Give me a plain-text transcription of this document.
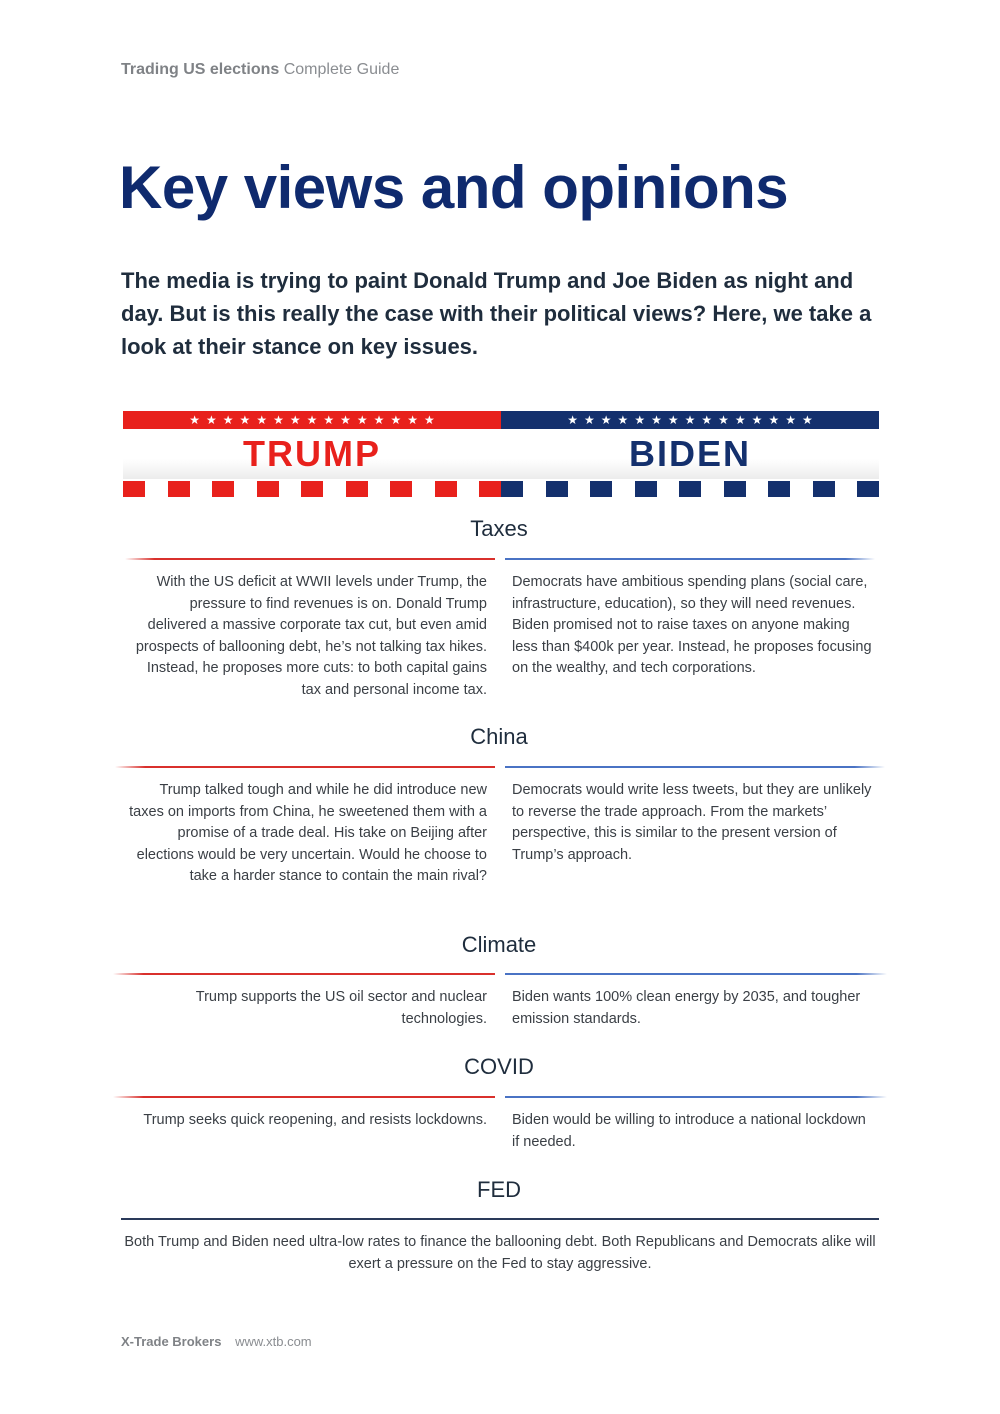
Trading US elections Complete Guide
Key views and opinions

The media is trying to paint Donald Trump and Joe Biden as night and day. But is this really the case with their political views? Here, we take a look at their stance on key issues.

★ ★ ★ ★ ★ ★ ★ ★ ★ ★ ★ ★ ★ ★ ★
TRUMP
★ ★ ★ ★ ★ ★ ★ ★ ★ ★ ★ ★ ★ ★ ★
BIDEN
Taxes
With the US deficit at WWII levels under Trump, the pressure to find revenues is on. Donald Trump delivered a massive corporate tax cut, but even amid prospects of ballooning debt, he’s not talking tax hikes. Instead, he proposes more cuts: to both capital gains tax and personal income tax.
Democrats have ambitious spending plans (social care, infrastructure, education), so they will need revenues. Biden promised not to raise taxes on anyone making less than $400k per year. Instead, he proposes focusing on the wealthy, and tech corporations.
China
Trump talked tough and while he did introduce new taxes on imports from China, he sweetened them with a promise of a trade deal. His take on Beijing after elections would be very uncertain. Would he choose to take a harder stance to contain the main rival?
Democrats would write less tweets, but they are unlikely to reverse the trade approach. From the markets’ perspective, this is similar to the present version of Trump’s approach.
Climate
Trump supports the US oil sector and nuclear technologies.
Biden wants 100% clean energy by 2035, and tougher emission standards.
COVID
Trump seeks quick reopening, and resists lockdowns. Biden would be willing to introduce a national lockdown if needed.
FED
Both Trump and Biden need ultra-low rates to finance the ballooning debt. Both Republicans and Democrats alike will exert a pressure on the Fed to stay aggressive.
X-Trade Brokers www.xtb.com
